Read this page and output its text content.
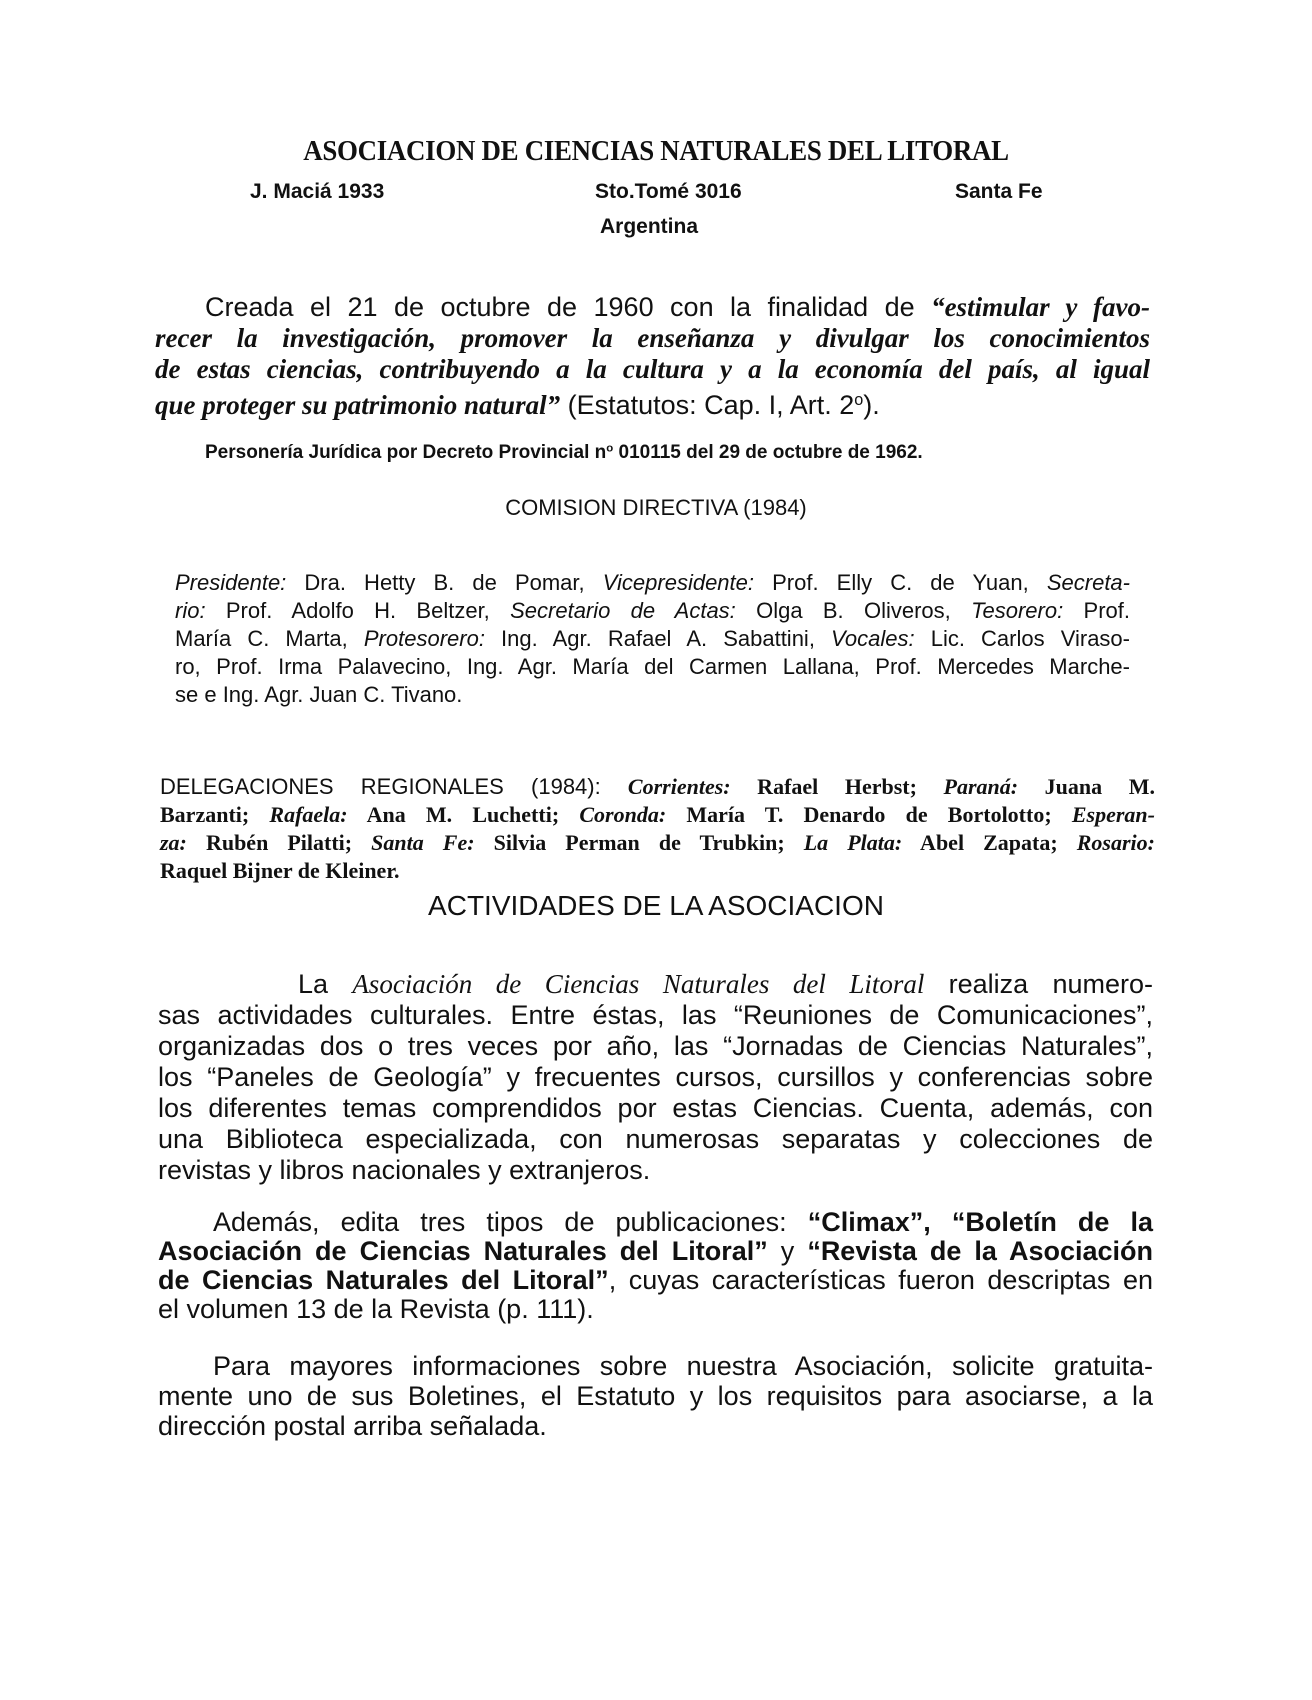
ASOCIACION DE CIENCIAS NATURALES DEL LITORAL
J. Maciá 1933	Sto.Tomé 3016	Santa Fe
Argentina
Creada el 21 de octubre de 1960 con la finalidad de “estimular y favo-
recer la investigación, promover la enseñanza y divulgar los conocimientos
de estas ciencias, contribuyendo a la cultura y a la economía del país, al igual
que proteger su patrimonio natural” (Estatutos: Cap. I, Art. 2$^o$).
Personería Jurídica por Decreto Provincial $n^o$ 010115 del 29 de octubre de 1962.
COMISION DIRECTIVA (1984)
Presidente: Dra. Hetty B. de Pomar, Vicepresidente: Prof. Elly C. de Yuan, Secreta-
rio: Prof. Adolfo H. Beltzer, Secretario de Actas: Olga B. Oliveros, Tesorero: Prof.
María C. Marta, Protesorero: Ing. Agr. Rafael A. Sabattini, Vocales: Lic. Carlos Viraso-
ro, Prof. Irma Palavecino, Ing. Agr. María del Carmen Lallana, Prof. Mercedes Marche-
se e Ing. Agr. Juan C. Tivano.
DELEGACIONES REGIONALES (1984): Corrientes: Rafael Herbst; Paraná: Juana M.
Barzanti; Rafaela: Ana M. Luchetti; Coronda: María T. Denardo de Bortolotto; Esperan-
za: Rubén Pilatti; Santa Fe: Silvia Perman de Trubkin; La Plata: Abel Zapata; Rosario:
Raquel Bijner de Kleiner.
ACTIVIDADES DE LA ASOCIACION
La Asociación de Ciencias Naturales del Litoral realiza numero-
sas actividades culturales. Entre éstas, las “Reuniones de Comunicaciones”,
organizadas dos o tres veces por año, las “Jornadas de Ciencias Naturales”,
los “Paneles de Geología” y frecuentes cursos, cursillos y conferencias sobre
los diferentes temas comprendidos por estas Ciencias. Cuenta, además, con
una Biblioteca especializada, con numerosas separatas y colecciones de
revistas y libros nacionales y extranjeros.
Además, edita tres tipos de publicaciones: “Climax”, “Boletín de la
Asociación de Ciencias Naturales del Litoral” y “Revista de la Asociación
de Ciencias Naturales del Litoral”, cuyas características fueron descriptas en
el volumen 13 de la Revista (p. 111).
Para mayores informaciones sobre nuestra Asociación, solicite gratuita-
mente uno de sus Boletines, el Estatuto y los requisitos para asociarse, a la
dirección postal arriba señalada.
